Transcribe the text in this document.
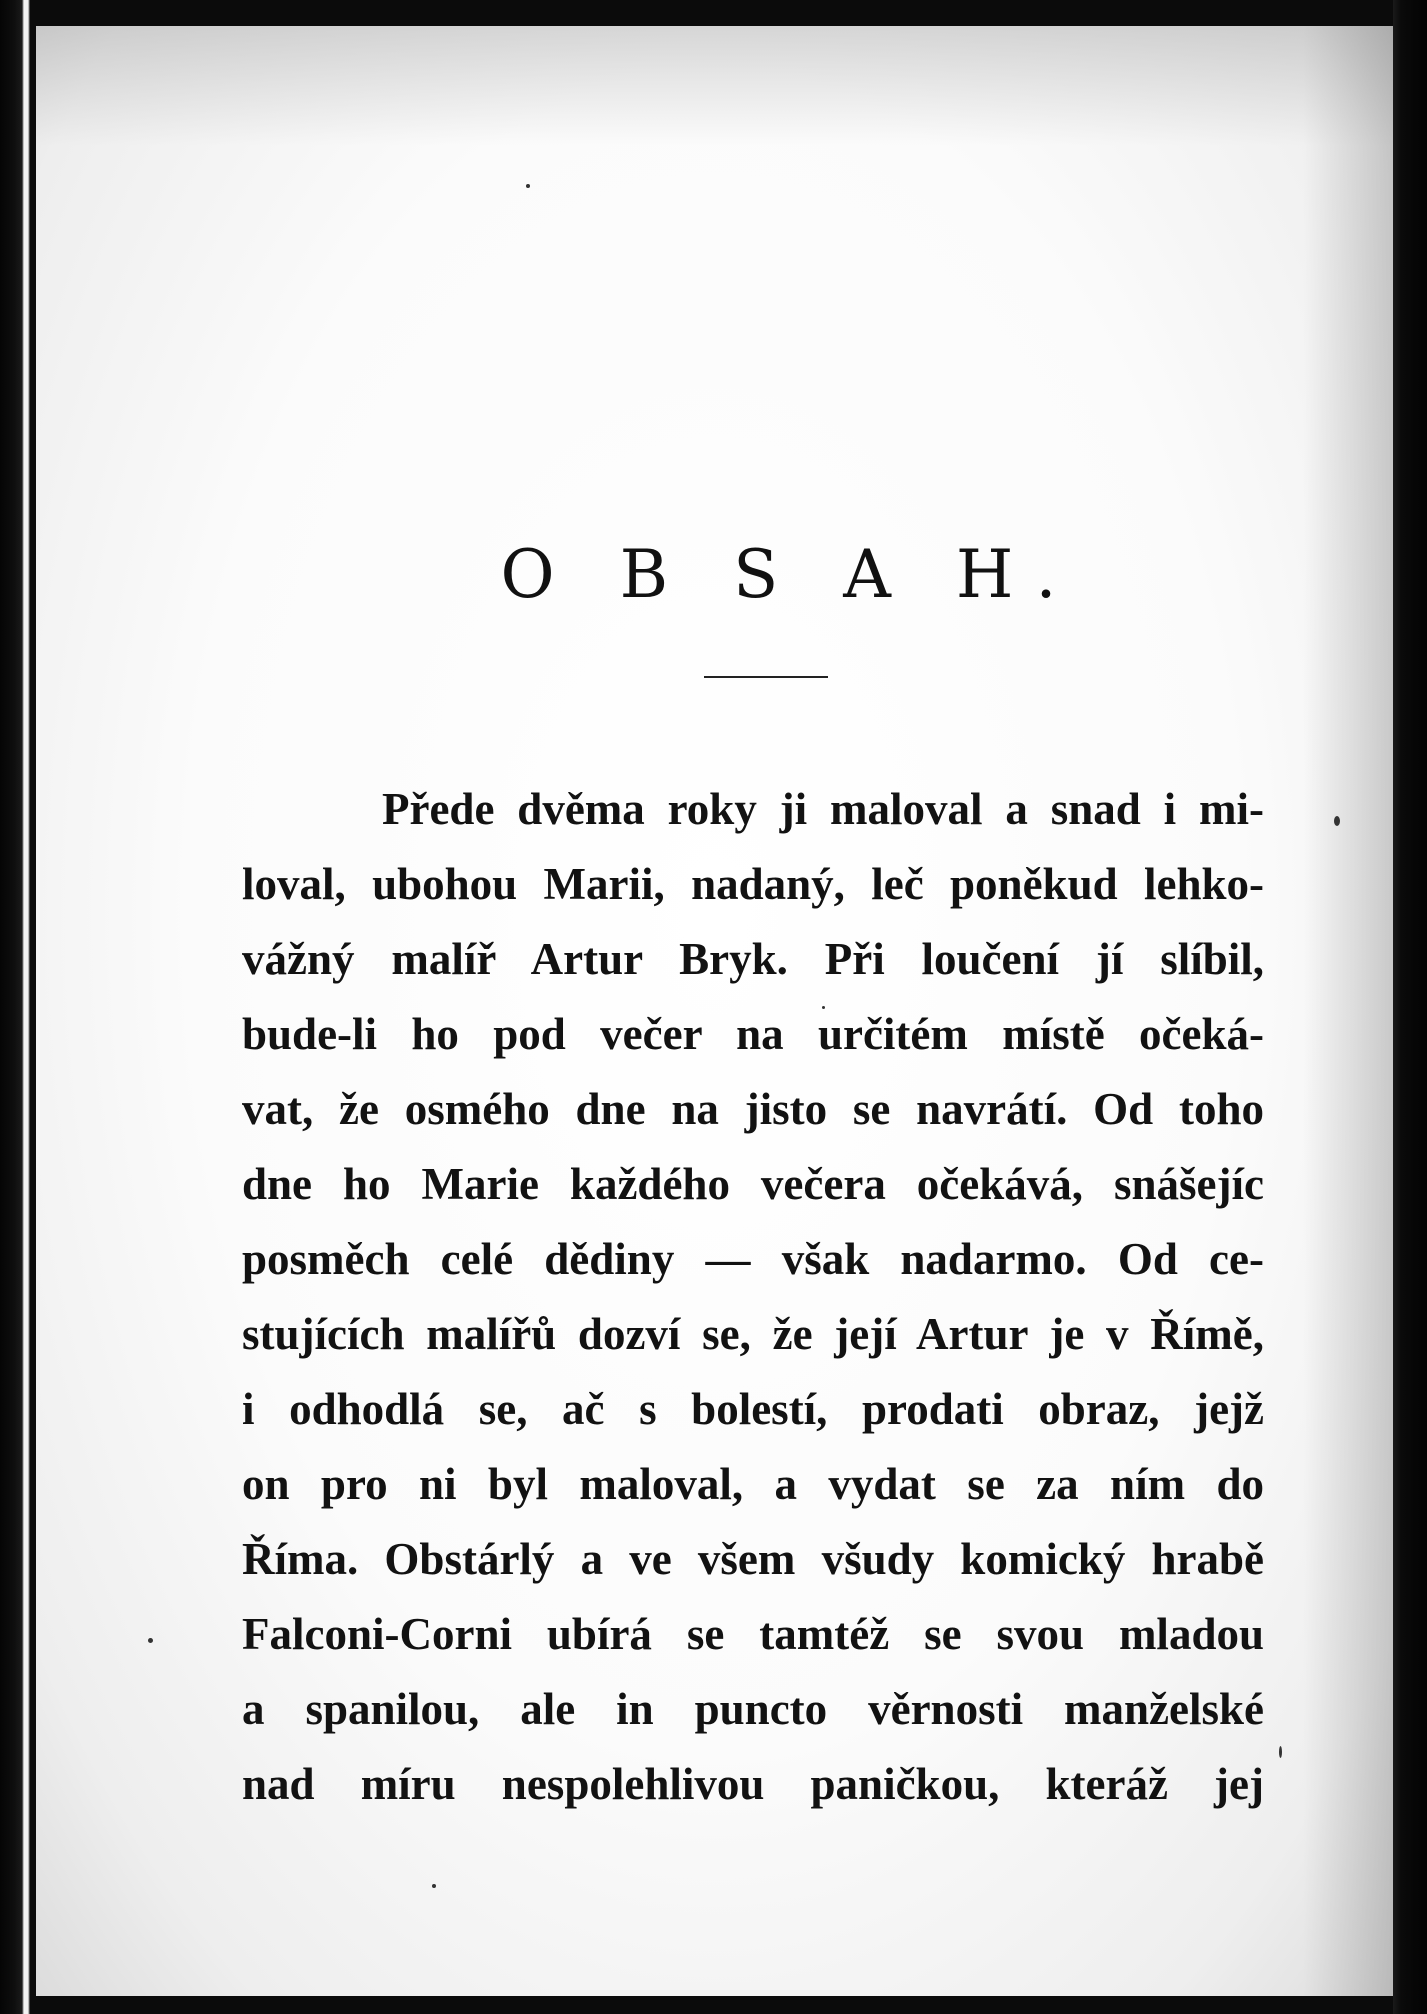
O B S A H.
Přede dvěma roky ji maloval a snad i mi-
loval, ubohou Marii, nadaný, leč poněkud lehko-
vážný malíř Artur Bryk. Při loučení jí slíbil,
bude-li ho pod večer na určitém místě očeká-
vat, že osmého dne na jisto se navrátí. Od toho
dne ho Marie každého večera očekává, snášejíc
posměch celé dědiny — však nadarmo. Od ce-
stujících malířů dozví se, že její Artur je v Římě,
i odhodlá se, ač s bolestí, prodati obraz, jejž
on pro ni byl maloval, a vydat se za ním do
Říma. Obstárlý a ve všem všudy komický hrabě
Falconi-Corni ubírá se tamtéž se svou mladou
a spanilou, ale in puncto věrnosti manželské
nad míru nespolehlivou paničkou, kteráž jej
